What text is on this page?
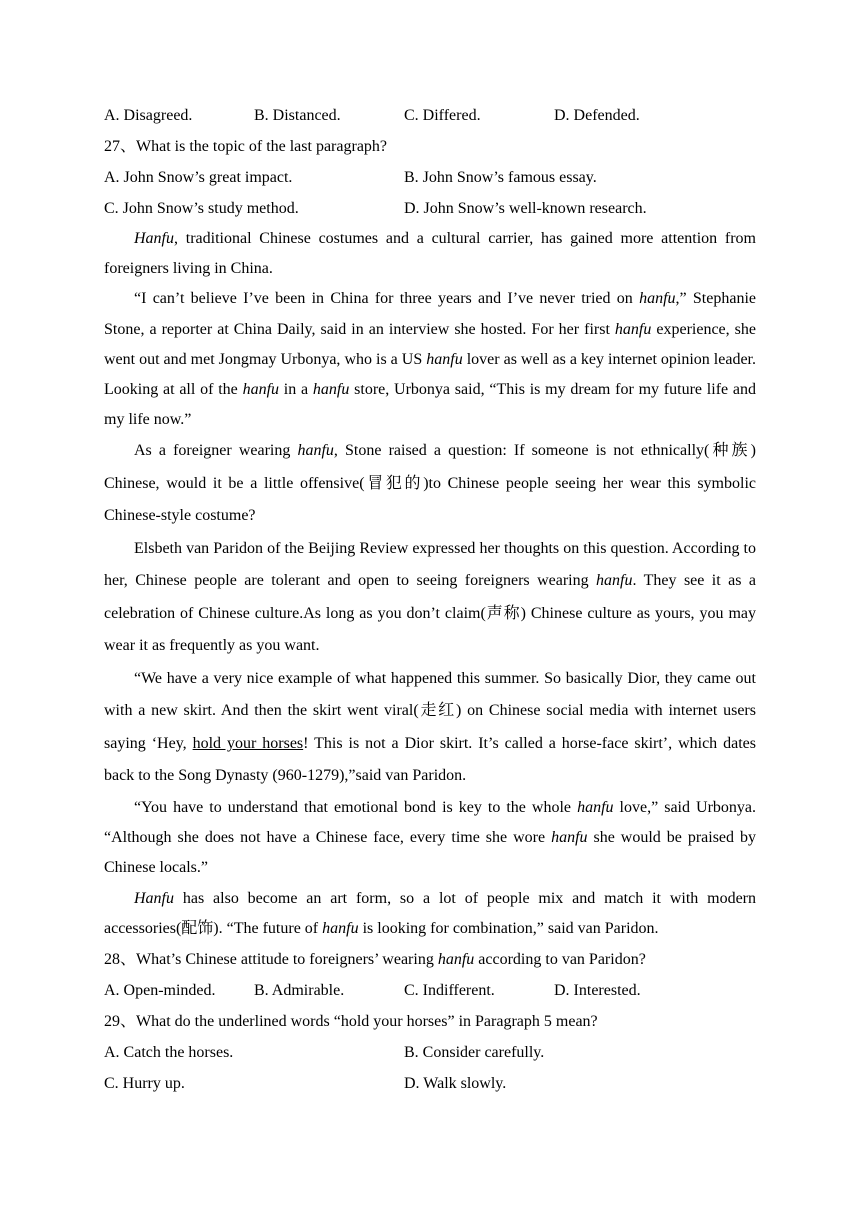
A. Disagreed.	B. Distanced.	C. Differed.	D. Defended.
27、What is the topic of the last paragraph?
A. John Snow’s great impact.	B. John Snow’s famous essay.
C. John Snow’s study method.	D. John Snow’s well-known research.

Hanfu, traditional Chinese costumes and a cultural carrier, has gained more attention from foreigners living in China.

“I can’t believe I’ve been in China for three years and I’ve never tried on hanfu,” Stephanie Stone, a reporter at China Daily, said in an interview she hosted. For her first hanfu experience, she went out and met Jongmay Urbonya, who is a US hanfu lover as well as a key internet opinion leader. Looking at all of the hanfu in a hanfu store, Urbonya said, “This is my dream for my future life and my life now.”

As a foreigner wearing hanfu, Stone raised a question: If someone is not ethnically(种族) Chinese, would it be a little offensive(冒犯的)to Chinese people seeing her wear this symbolic Chinese-style costume?

Elsbeth van Paridon of the Beijing Review expressed her thoughts on this question. According to her, Chinese people are tolerant and open to seeing foreigners wearing hanfu. They see it as a celebration of Chinese culture.As long as you don’t claim(声称) Chinese culture as yours, you may wear it as frequently as you want.

“We have a very nice example of what happened this summer. So basically Dior, they came out with a new skirt. And then the skirt went viral(走红) on Chinese social media with internet users saying ‘Hey, hold your horses! This is not a Dior skirt. It’s called a horse-face skirt’, which dates back to the Song Dynasty (960-1279),”said van Paridon.

“You have to understand that emotional bond is key to the whole hanfu love,” said Urbonya. “Although she does not have a Chinese face, every time she wore hanfu she would be praised by Chinese locals.”

Hanfu has also become an art form, so a lot of people mix and match it with modern accessories(配饰). “The future of hanfu is looking for combination,” said van Paridon.

28、What’s Chinese attitude to foreigners’ wearing hanfu according to van Paridon?
A. Open-minded. B. Admirable.	C. Indifferent.	D. Interested.
29、What do the underlined words “hold your horses” in Paragraph 5 mean?
A. Catch the horses.	B. Consider carefully.
C. Hurry up.	D. Walk slowly.
